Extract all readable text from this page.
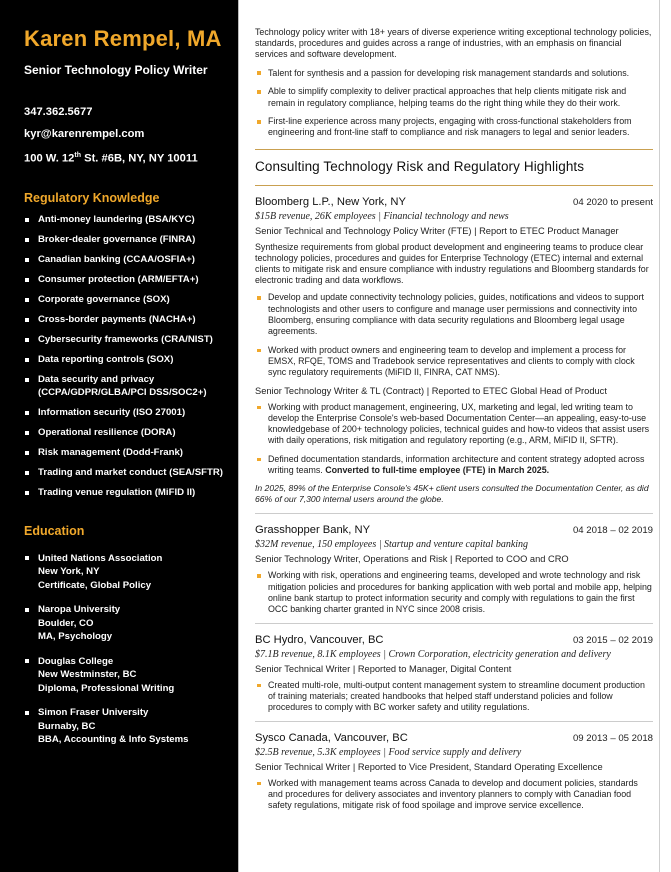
Karen Rempel, MA
Senior Technology Policy Writer
347.362.5677
kyr@karenrempel.com
100 W. 12th St. #6B, NY, NY 10011
Regulatory Knowledge
Anti-money laundering (BSA/KYC)
Broker-dealer governance (FINRA)
Canadian banking (CCAA/OSFIA+)
Consumer protection (ARM/EFTA+)
Corporate governance (SOX)
Cross-border payments (NACHA+)
Cybersecurity frameworks (CRA/NIST)
Data reporting controls (SOX)
Data security and privacy (CCPA/GDPR/GLBA/PCI DSS/SOC2+)
Information security (ISO 27001)
Operational resilience (DORA)
Risk management (Dodd-Frank)
Trading and market conduct (SEA/SFTR)
Trading venue regulation (MiFID II)
Education
United Nations Association
New York, NY
Certificate, Global Policy
Naropa University
Boulder, CO
MA, Psychology
Douglas College
New Westminster, BC
Diploma, Professional Writing
Simon Fraser University
Burnaby, BC
BBA, Accounting & Info Systems

Technology policy writer with 18+ years of diverse experience writing exceptional technology policies, standards, procedures and guides across a range of industries, with an emphasis on financial services and software development.

Talent for synthesis and a passion for developing risk management standards and solutions.
Able to simplify complexity to deliver practical approaches that help clients mitigate risk and remain in regulatory compliance, helping teams do the right thing while they do their work.
First-line experience across many projects, engaging with cross-functional stakeholders from engineering and front-line staff to compliance and risk managers to legal and senior leaders.
Consulting Technology Risk and Regulatory Highlights
Bloomberg L.P., New York, NY	04 2020 to present
$15B revenue, 26K employees | Financial technology and news
Senior Technical and Technology Policy Writer (FTE) | Report to ETEC Product Manager

Synthesize requirements from global product development and engineering teams to produce clear technology policies, procedures and guides for Enterprise Technology (ETEC) internal and external clients to mitigate risk and ensure compliance with industry regulations and Bloomberg standards for electronic trading and data workflows.

Develop and update connectivity technology policies, guides, notifications and videos to support technologists and other users to configure and manage user permissions and connectivity into Bloomberg, ensuring compliance with data security regulations and Bloomberg legal usage agreements.
Worked with product owners and engineering team to develop and implement a process for EMSX, RFQE, TOMS and Tradebook service representatives and clients to comply with clock sync regulatory requirements (MiFID II, FINRA, CAT NMS).
Senior Technology Writer & TL (Contract) | Reported to ETEC Global Head of Product
Working with product management, engineering, UX, marketing and legal, led writing team to develop the Enterprise Console's web-based Documentation Center—an appealing, easy-to-use knowledgebase of 200+ technology policies, technical guides and how-to videos that assist users with daily operations, risk mitigation and regulatory reporting (e.g., ARM, MiFID II, SFTR).
Defined documentation standards, information architecture and content strategy adopted across writing teams. Converted to full-time employee (FTE) in March 2025.

In 2025, 89% of the Enterprise Console's 45K+ client users consulted the Documentation Center, as did 66% of our 7,300 internal users around the globe.

Grasshopper Bank, NY	04 2018 – 02 2019
$32M revenue, 150 employees | Startup and venture capital banking
Senior Technology Writer, Operations and Risk | Reported to COO and CRO
Working with risk, operations and engineering teams, developed and wrote technology and risk mitigation policies and procedures for banking application with web portal and mobile app, helping online bank startup to protect information security and comply with regulations to gain the first OCC banking charter granted in NYC since 2008 crisis.
BC Hydro, Vancouver, BC	03 2015 – 02 2019
$7.1B revenue, 8.1K employees | Crown Corporation, electricity generation and delivery
Senior Technical Writer | Reported to Manager, Digital Content
Created multi-role, multi-output content management system to streamline document production of training materials; created handbooks that helped staff understand policies and follow procedures to comply with BC worker safety and utility regulations.
Sysco Canada, Vancouver, BC	09 2013 – 05 2018
$2.5B revenue, 5.3K employees | Food service supply and delivery
Senior Technical Writer | Reported to Vice President, Standard Operating Excellence
Worked with management teams across Canada to develop and document policies, standards and procedures for delivery associates and inventory planners to comply with Canadian food safety regulations, mitigate risk of food spoilage and improve service excellence.
